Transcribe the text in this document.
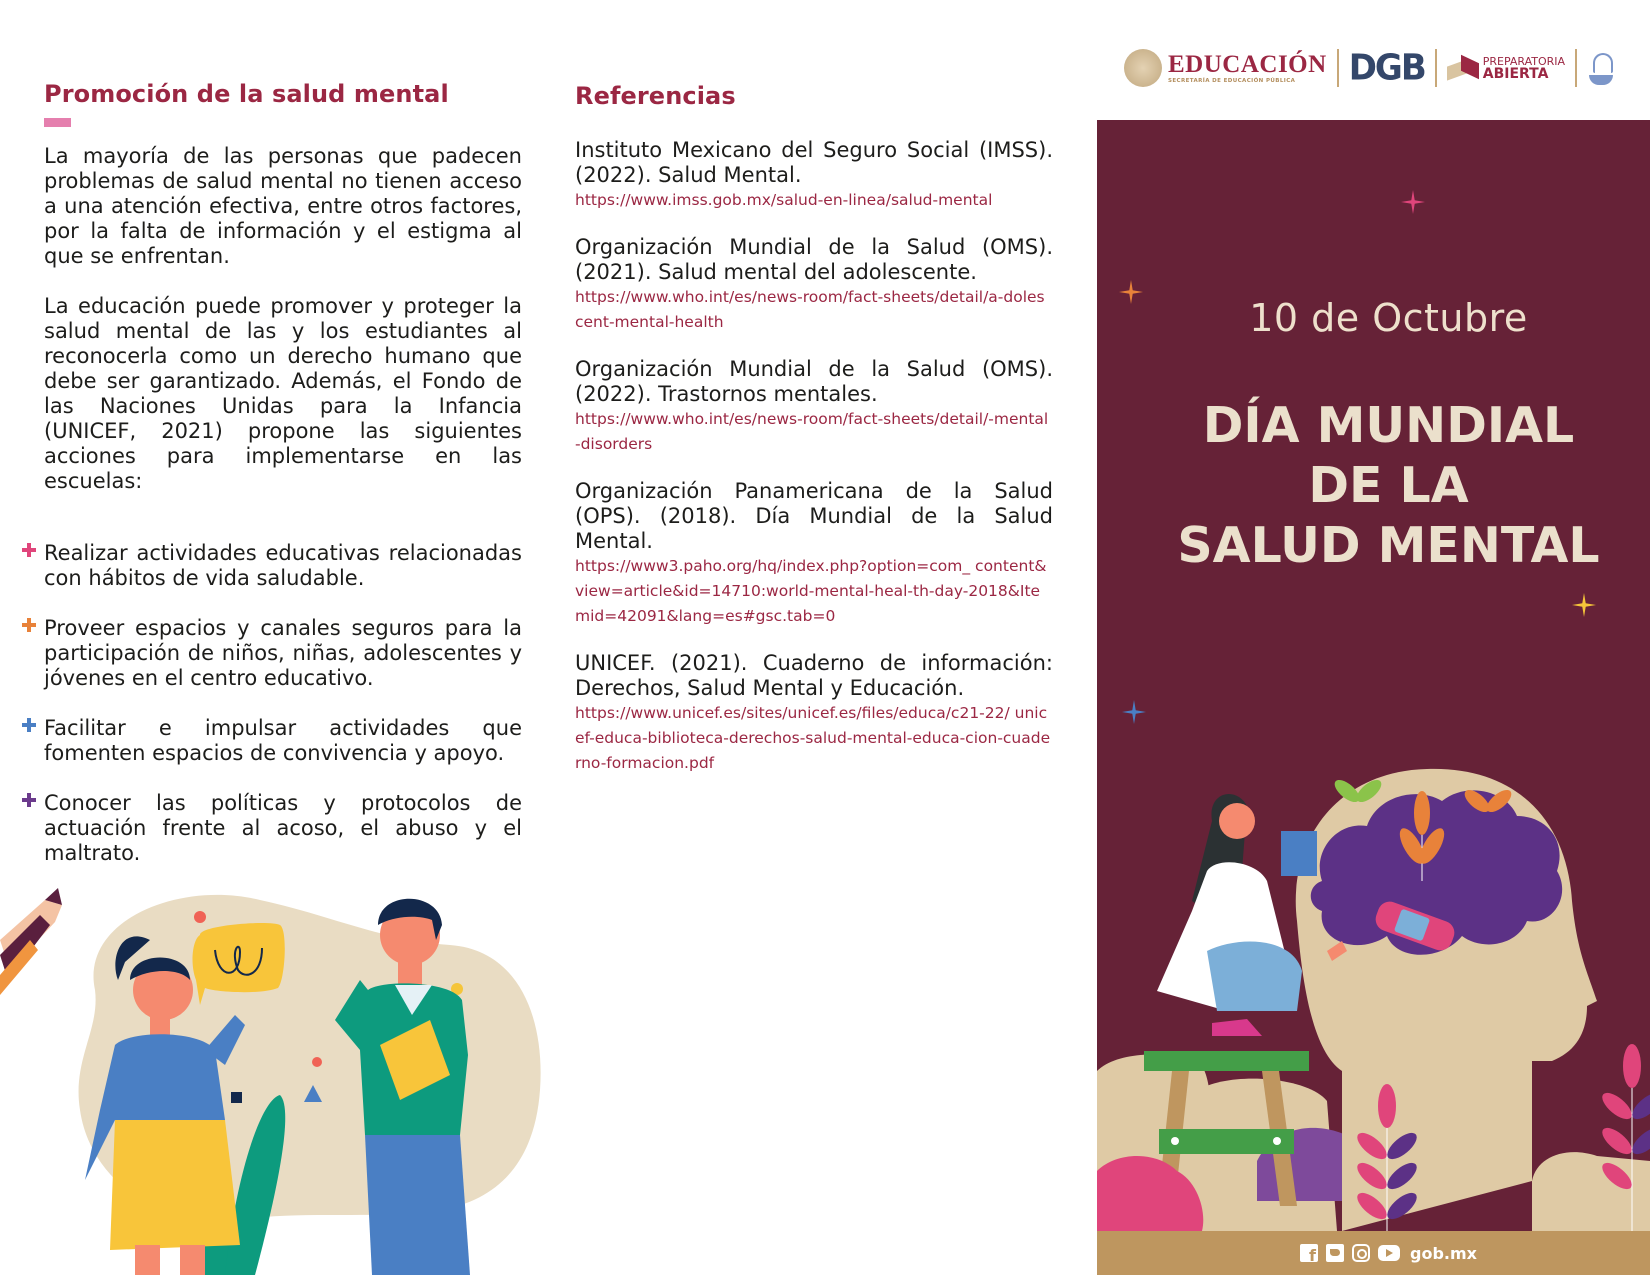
Promoción de la salud mental

La mayoría de las personas que padecen problemas de salud mental no tienen acceso a una atención efectiva, entre otros factores, por la falta de información y el estigma al que se enfrentan.

La educación puede promover y proteger la salud mental de las y los estudiantes al reconocerla como un derecho humano que debe ser garantizado. Además, el Fondo de las Naciones Unidas para la Infancia (UNICEF, 2021) propone las siguientes acciones para implementarse en las escuelas:

Realizar actividades educativas relacionadas con hábitos de vida saludable.
Proveer espacios y canales seguros para la participación de niños, niñas, adolescentes y jóvenes en el centro educativo.
Facilitar e impulsar actividades que fomenten espacios de convivencia y apoyo.
Conocer las políticas y protocolos de actuación frente al acoso, el abuso y el maltrato.
Referencias

Instituto Mexicano del Seguro Social (IMSS). (2022). Salud Mental.

https://www.imss.gob.mx/salud-en-linea/salud-mental

Organización Mundial de la Salud (OMS). (2021). Salud mental del adolescente.

https://www.who.int/es/news-room/fact-sheets/detail/a-dolescent-mental-health

Organización Mundial de la Salud (OMS). (2022). Trastornos mentales.

https://www.who.int/es/news-room/fact-sheets/detail/-mental-disorders

Organización Panamericana de la Salud (OPS). (2018). Día Mundial de la Salud Mental.

https://www3.paho.org/hq/index.php?option=com_ content&view=article&id=14710:world-mental-heal-th-day-2018&Itemid=42091&lang=es#gsc.tab=0

UNICEF. (2021). Cuaderno de información: Derechos, Salud Mental y Educación.

https://www.unicef.es/sites/unicef.es/files/educa/c21-22/ unicef-educa-biblioteca-derechos-salud-mental-educa-cion-cuaderno-formacion.pdf
EDUCACIÓN
SECRETARÍA DE EDUCACIÓN PÚBLICA	DGB	PREPARATORIA
ABIERTA
10 de Octubre
DÍA MUNDIAL
DE LA
SALUD MENTAL
f
gob.mx
